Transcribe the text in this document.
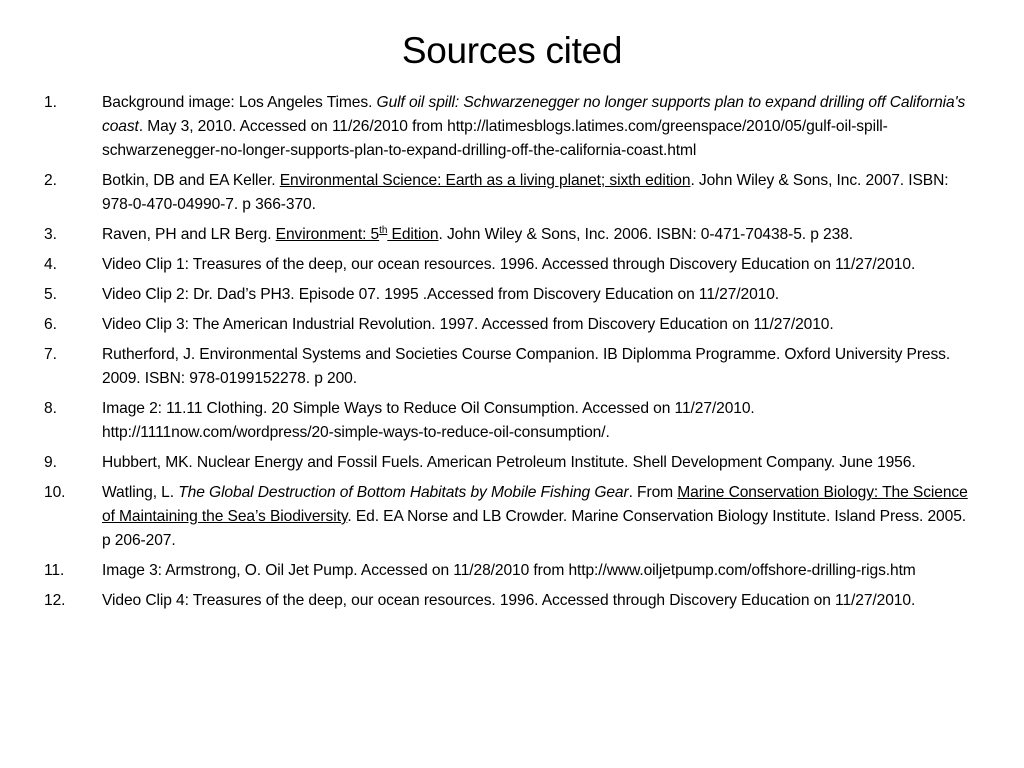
Sources cited
1.	Background image: Los Angeles Times. Gulf oil spill: Schwarzenegger no longer supports plan to expand drilling off California's coast. May 3, 2010. Accessed on 11/26/2010 from http://latimesblogs.latimes.com/greenspace/2010/05/gulf-oil-spill-schwarzenegger-no-longer-supports-plan-to-expand-drilling-off-the-california-coast.html
2.	Botkin, DB and EA Keller. Environmental Science: Earth as a living planet; sixth edition. John Wiley & Sons, Inc. 2007. ISBN: 978-0-470-04990-7. p 366-370.
3.	Raven, PH and LR Berg. Environment: 5th Edition. John Wiley & Sons, Inc. 2006. ISBN: 0-471-70438-5. p 238.
4.	Video Clip 1: Treasures of the deep, our ocean resources. 1996. Accessed through Discovery Education on 11/27/2010.
5.	Video Clip 2: Dr. Dad’s PH3. Episode 07. 1995 .Accessed from Discovery Education on 11/27/2010.
6.	Video Clip 3: The American Industrial Revolution. 1997. Accessed from Discovery Education on 11/27/2010.
7.	Rutherford, J. Environmental Systems and Societies Course Companion. IB Diplomma Programme. Oxford University Press. 2009. ISBN: 978-0199152278. p 200.
8.	Image 2: 11.11 Clothing. 20 Simple Ways to Reduce Oil Consumption. Accessed on 11/27/2010. http://1111now.com/wordpress/20-simple-ways-to-reduce-oil-consumption/.
9.	Hubbert, MK. Nuclear Energy and Fossil Fuels. American Petroleum Institute. Shell Development Company. June 1956.
10.	Watling, L. The Global Destruction of Bottom Habitats by Mobile Fishing Gear. From Marine Conservation Biology: The Science of Maintaining the Sea’s Biodiversity. Ed. EA Norse and LB Crowder. Marine Conservation Biology Institute. Island Press. 2005. p 206-207.
11.	Image 3: Armstrong, O. Oil Jet Pump. Accessed on 11/28/2010 from http://www.oiljetpump.com/offshore-drilling-rigs.htm
12.	Video Clip 4: Treasures of the deep, our ocean resources. 1996. Accessed through Discovery Education on 11/27/2010.
